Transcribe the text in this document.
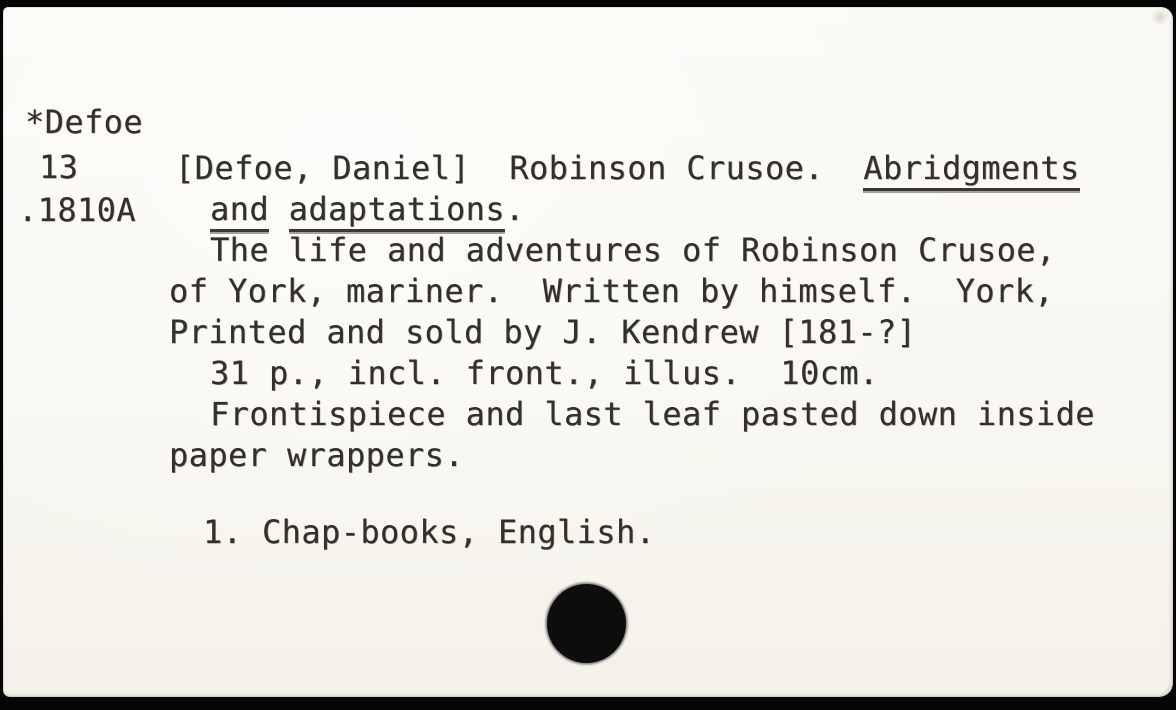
*Defoe
13
.1810A
[Defoe, Daniel]  Robinson Crusoe.  Abridgments
and adaptations.
The life and adventures of Robinson Crusoe,
of York, mariner.  Written by himself.  York,
Printed and sold by J. Kendrew [181-?]
31 p., incl. front., illus.  10cm.
Frontispiece and last leaf pasted down inside
paper wrappers.
1. Chap-books, English.
